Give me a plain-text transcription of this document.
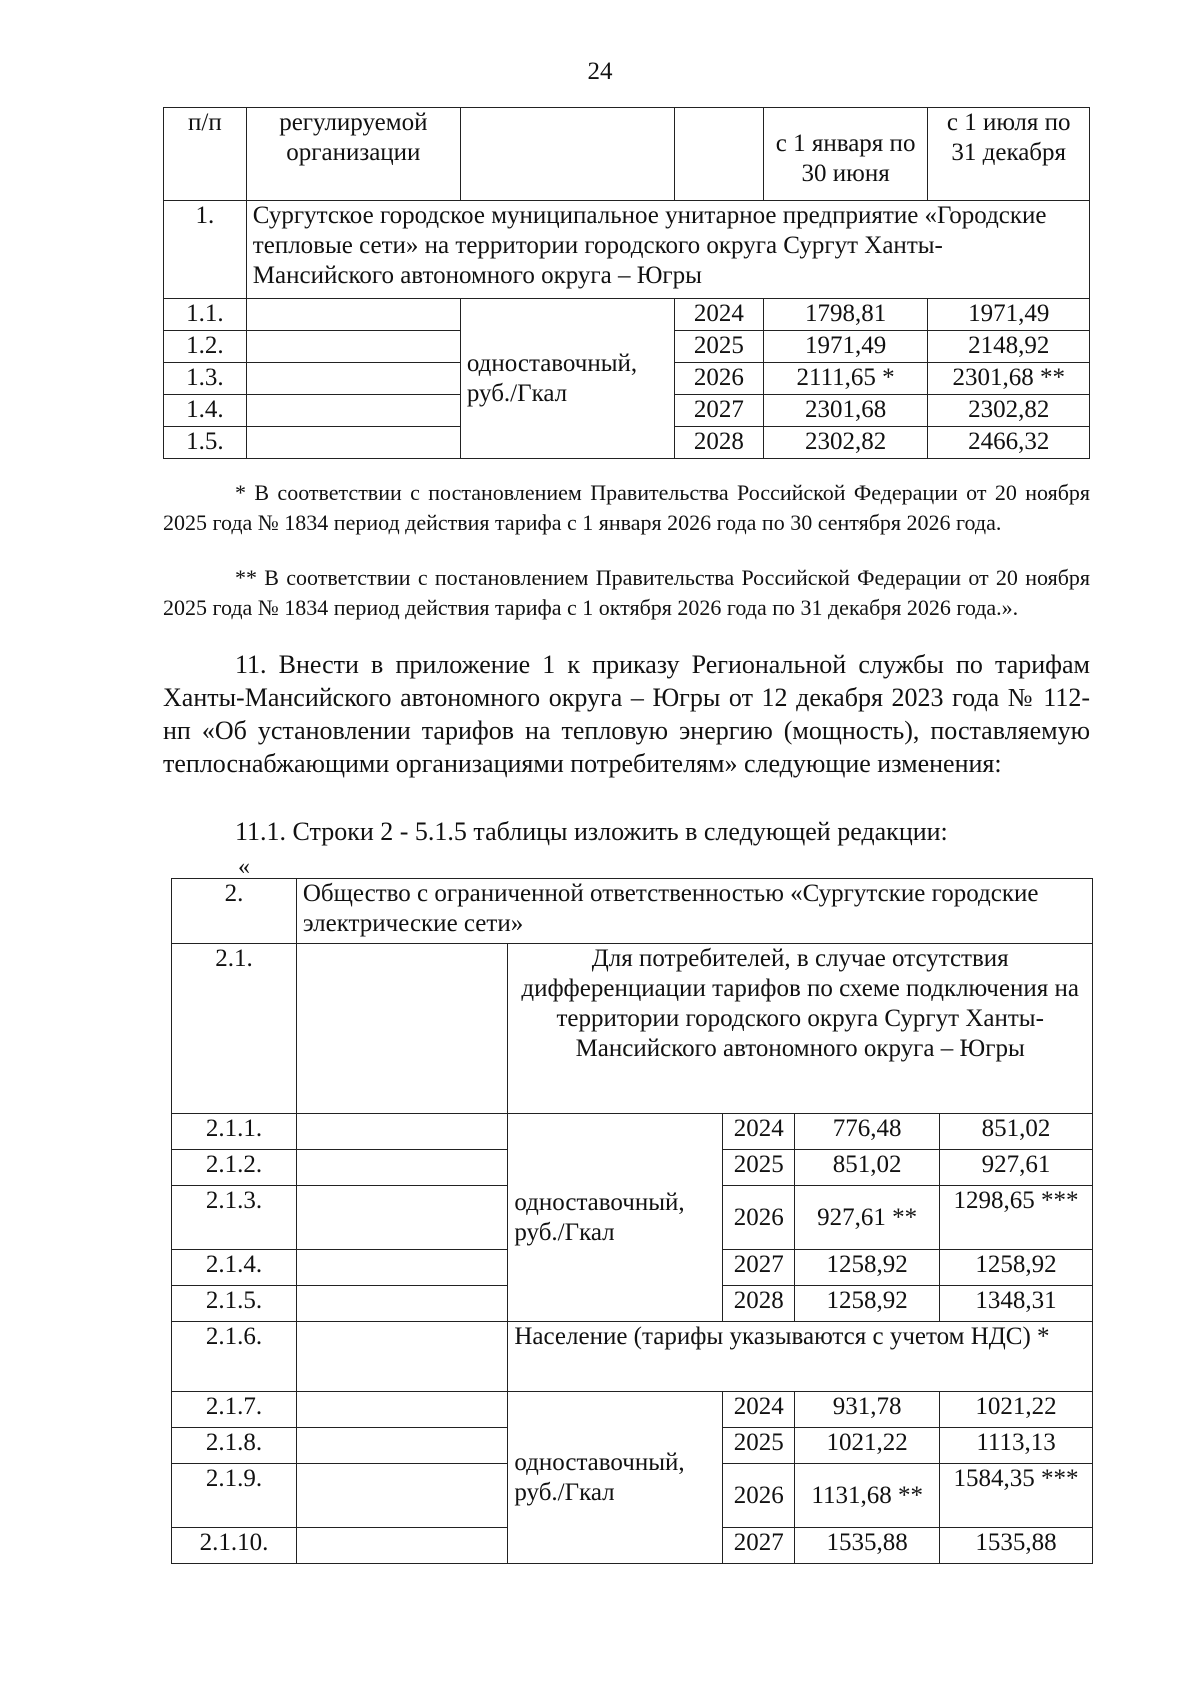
24
п/п	регулируемой организации			с 1 января по 30 июня	с 1 июля по 31 декабря
1.	Сургутское городское муниципальное унитарное предприятие «Городские тепловые сети» на территории городского округа Сургут Ханты-Мансийского автономного округа – Югры				
1.1.		одноставочный, руб./Гкал	2024	1798,81	1971,49
1.2.			2025	1971,49	2148,92
1.3.			2026	2111,65 *	2301,68 **
1.4.			2027	2301,68	2302,82
1.5.			2028	2302,82	2466,32
* В соответствии с постановлением Правительства Российской Федерации от 20 ноября 2025 года № 1834 период действия тарифа с 1 января 2026 года по 30 сентября 2026 года.
** В соответствии с постановлением Правительства Российской Федерации от 20 ноября 2025 года № 1834 период действия тарифа с 1 октября 2026 года по 31 декабря 2026 года.».
11. Внести в приложение 1 к приказу Региональной службы по тарифам Ханты-Мансийского автономного округа – Югры от 12 декабря 2023 года № 112-нп «Об установлении тарифов на тепловую энергию (мощность), поставляемую теплоснабжающими организациями потребителям» следующие изменения:
11.1. Строки 2 - 5.1.5 таблицы изложить в следующей редакции:
«
2.	Общество с ограниченной ответственностью «Сургутские городские электрические сети»				
2.1.		Для потребителей, в случае отсутствия дифференциации тарифов по схеме подключения на территории городского округа Сургут Ханты-Мансийского автономного округа – Югры			
2.1.1.		одноставочный, руб./Гкал	2024	776,48	851,02
2.1.2.			2025	851,02	927,61
2.1.3.			2026	927,61 **	1298,65 ***
2.1.4.			2027	1258,92	1258,92
2.1.5.			2028	1258,92	1348,31
2.1.6.		Население (тарифы указываются с учетом НДС) *			
2.1.7.		одноставочный, руб./Гкал	2024	931,78	1021,22
2.1.8.			2025	1021,22	1113,13
2.1.9.			2026	1131,68 **	1584,35 ***
2.1.10.			2027	1535,88	1535,88
